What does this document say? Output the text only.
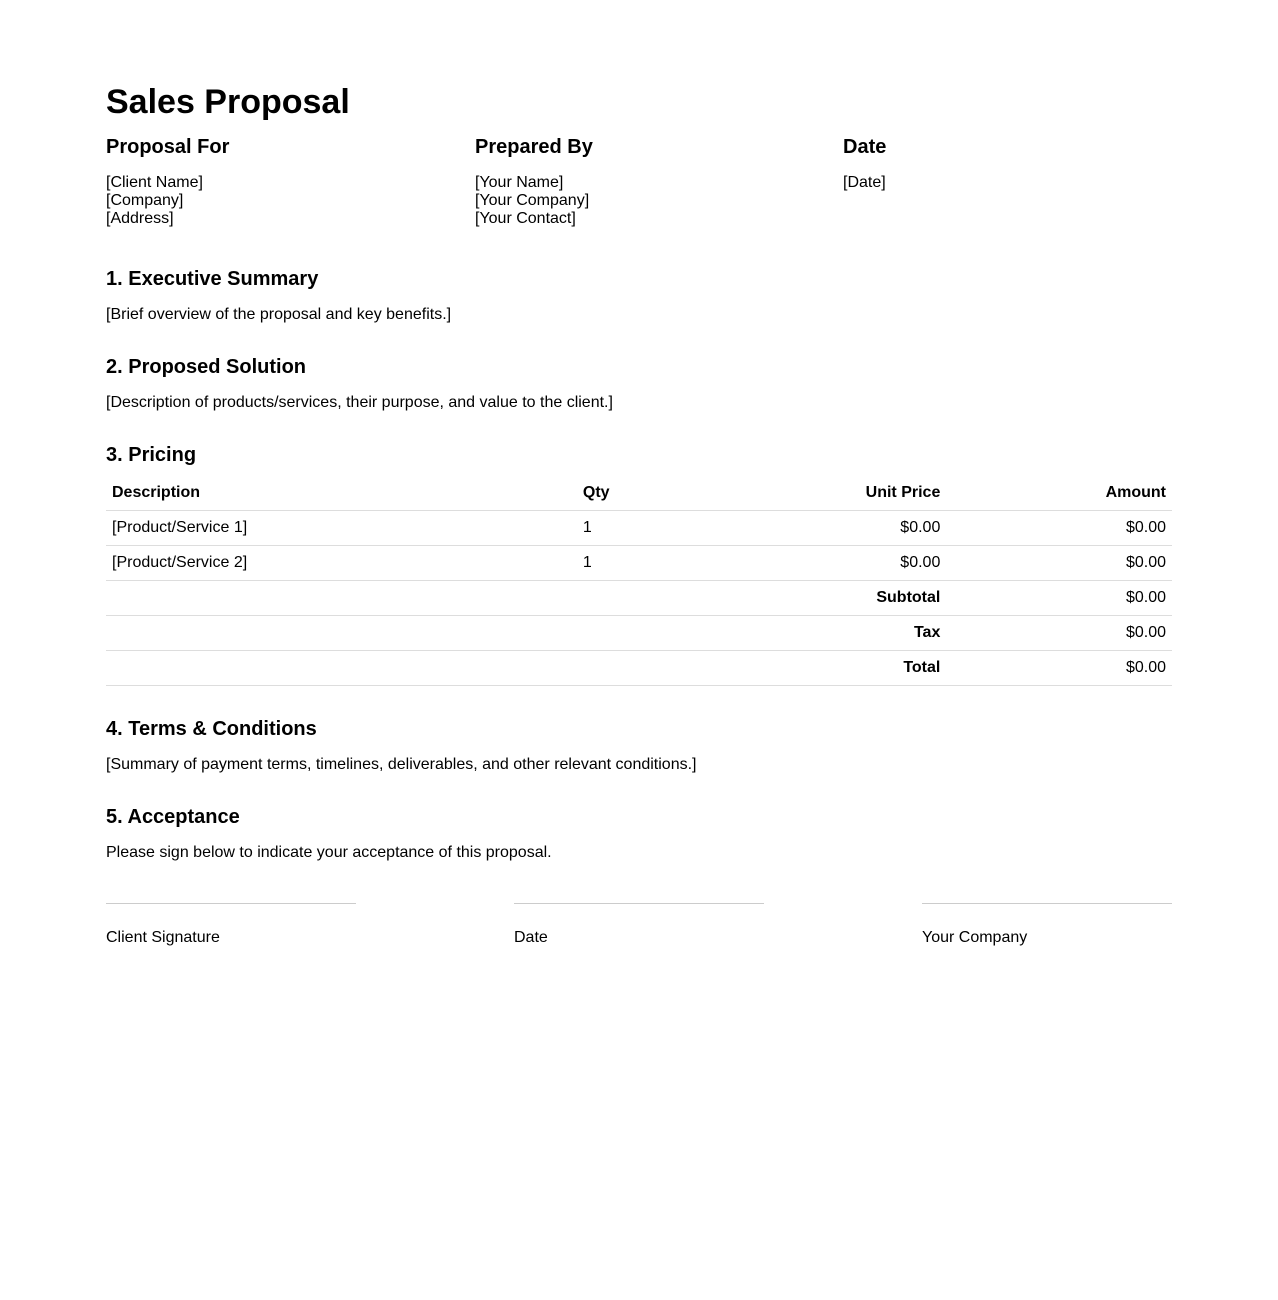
Sales Proposal
Proposal For
[Client Name]
[Company]
[Address]
Prepared By
[Your Name]
[Your Company]
[Your Contact]
Date
[Date]
1. Executive Summary

[Brief overview of the proposal and key benefits.]

2. Proposed Solution

[Description of products/services, their purpose, and value to the client.]

3. Pricing
Description	Qty	Unit Price	Amount
[Product/Service 1]	1	$0.00	$0.00
[Product/Service 2]	1	$0.00	$0.00
		Subtotal	$0.00
		Tax	$0.00
		Total	$0.00
4. Terms & Conditions

[Summary of payment terms, timelines, deliverables, and other relevant conditions.]

5. Acceptance

Please sign below to indicate your acceptance of this proposal.

Client Signature	Date	Your Company
